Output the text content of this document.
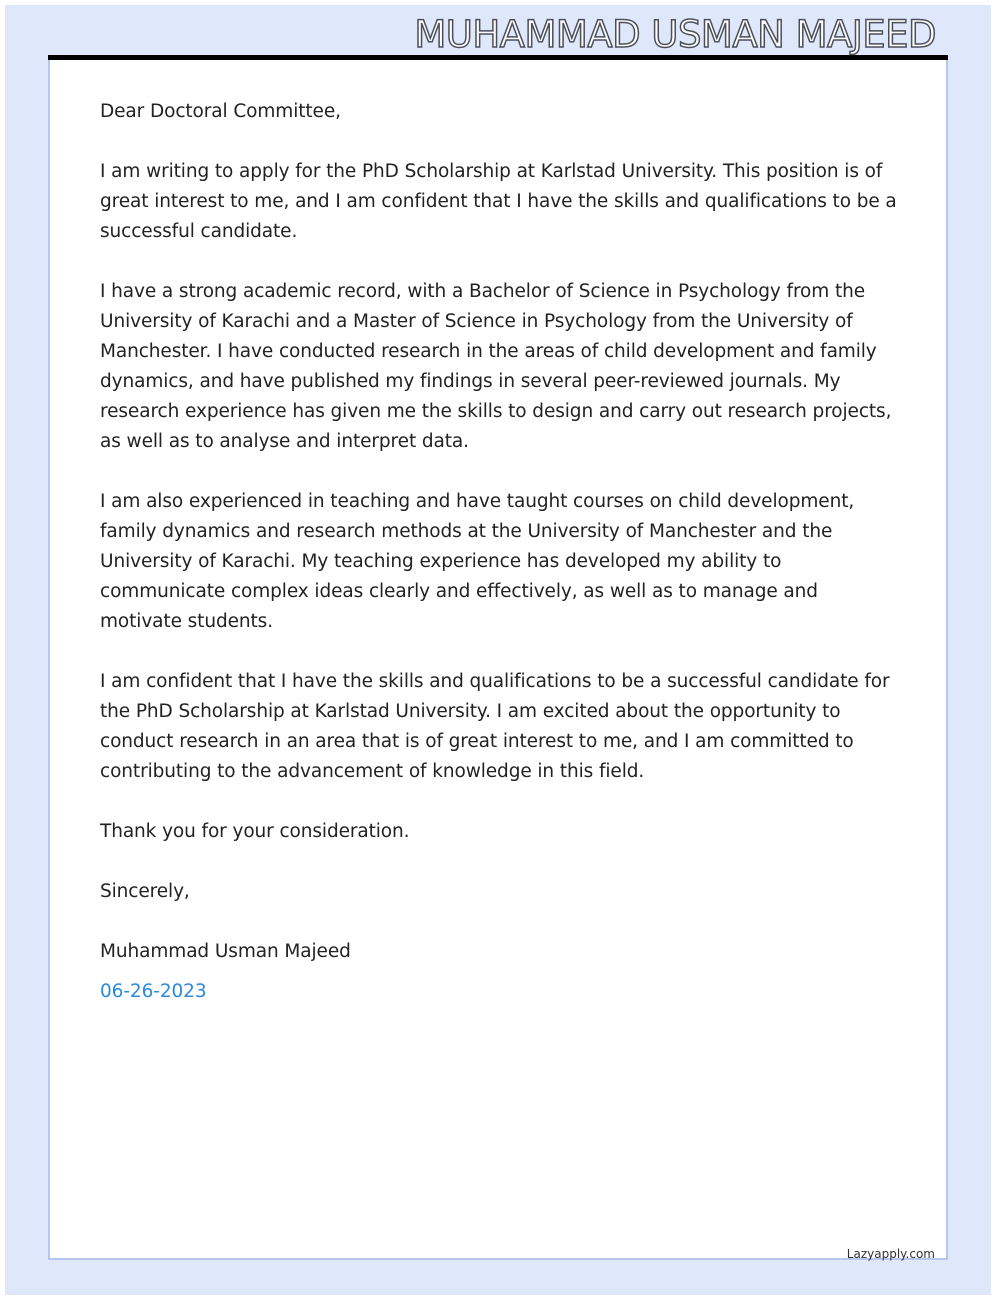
MUHAMMAD USMAN MAJEED

Dear Doctoral Committee,

I am writing to apply for the PhD Scholarship at Karlstad University. This position is of great interest to me, and I am confident that I have the skills and qualifications to be a successful candidate.

I have a strong academic record, with a Bachelor of Science in Psychology from the University of Karachi and a Master of Science in Psychology from the University of Manchester. I have conducted research in the areas of child development and family dynamics, and have published my findings in several peer-reviewed journals. My research experience has given me the skills to design and carry out research projects, as well as to analyse and interpret data.

I am also experienced in teaching and have taught courses on child development, family dynamics and research methods at the University of Manchester and the University of Karachi. My teaching experience has developed my ability to communicate complex ideas clearly and effectively, as well as to manage and motivate students.

I am confident that I have the skills and qualifications to be a successful candidate for the PhD Scholarship at Karlstad University. I am excited about the opportunity to conduct research in an area that is of great interest to me, and I am committed to contributing to the advancement of knowledge in this field.

Thank you for your consideration.

Sincerely,

Muhammad Usman Majeed

06-26-2023

Lazyapply.com
